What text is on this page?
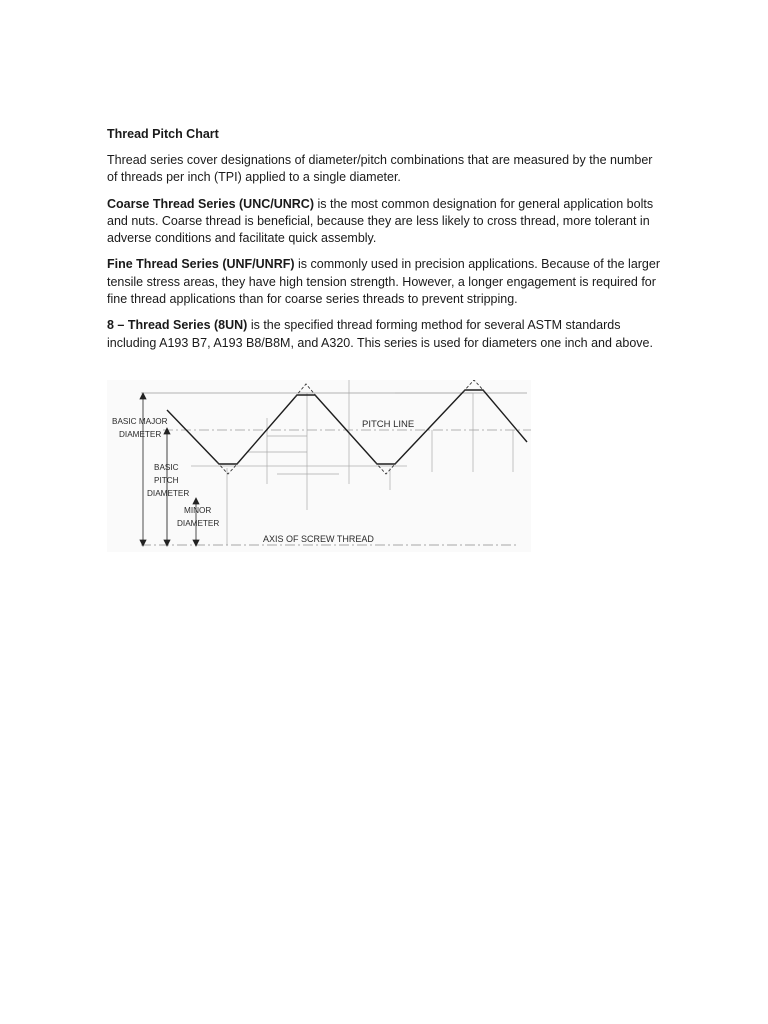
Thread Pitch Chart

Thread series cover designations of diameter/pitch combinations that are measured by the number of threads per inch (TPI) applied to a single diameter.

Coarse Thread Series (UNC/UNRC) is the most common designation for general application bolts and nuts. Coarse thread is beneficial, because they are less likely to cross thread, more tolerant in adverse conditions and facilitate quick assembly.

Fine Thread Series (UNF/UNRF) is commonly used in precision applications. Because of the larger tensile stress areas, they have high tension strength. However, a longer engagement is required for fine thread applications than for coarse series threads to prevent stripping.

8 – Thread Series (8UN) is the specified thread forming method for several ASTM standards including A193 B7, A193 B8/B8M, and A320. This series is used for diameters one inch and above.

BASIC MAJOR
DIAMETER
BASIC
PITCH
DIAMETER
MINOR
DIAMETER
PITCH LINE
AXIS OF SCREW THREAD
